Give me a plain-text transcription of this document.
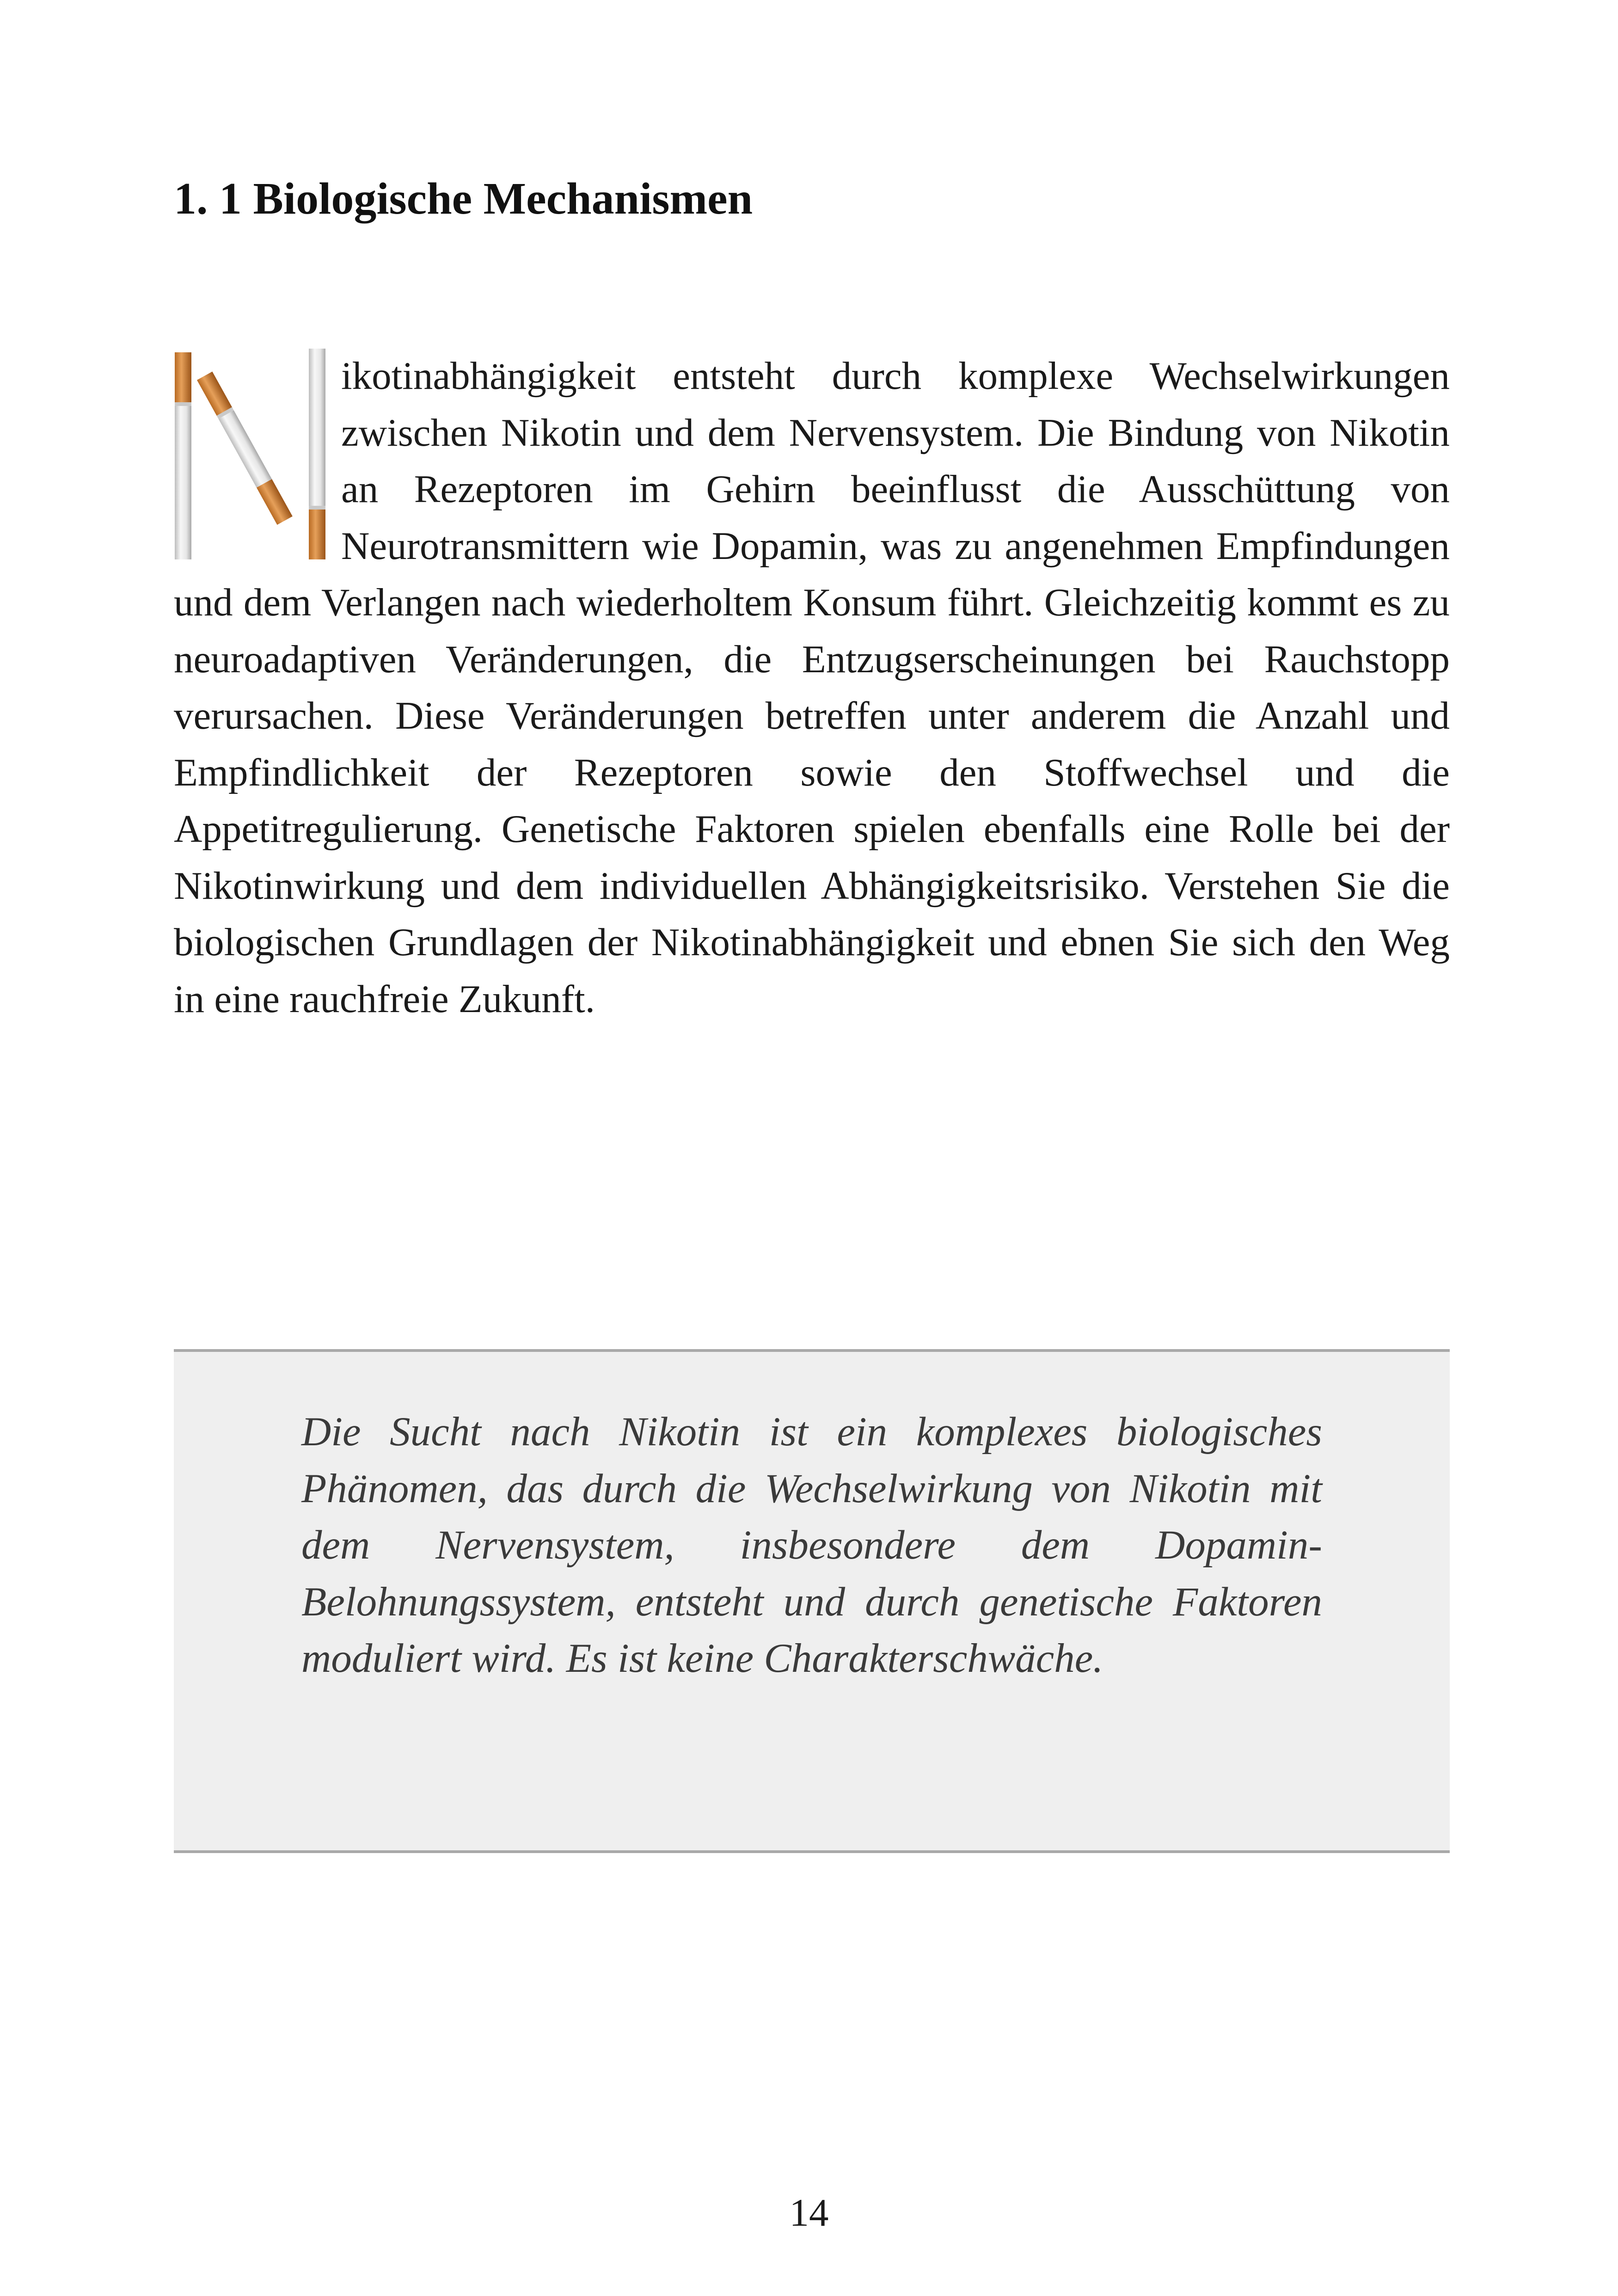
1. 1 Biologische Mechanismen
ikotinabhängigkeit entsteht durch komplexe Wechselwirkungen zwischen Nikotin und dem Nervensystem. Die Bindung von Nikotin an Rezeptoren im Gehirn beeinflusst die Ausschüttung von Neurotransmittern wie Dopamin, was zu angenehmen Empfindungen und dem Verlangen nach wiederholtem Konsum führt. Gleichzeitig kommt es zu neuroadaptiven Veränderungen, die Entzugserscheinungen bei Rauchstopp verursachen. Diese Veränderungen betreffen unter anderem die Anzahl und Empfindlichkeit der Rezeptoren sowie den Stoffwechsel und die Appetitregulierung. Genetische Faktoren spielen ebenfalls eine Rolle bei der Nikotinwirkung und dem individuellen Abhängigkeitsrisiko. Verstehen Sie die biologischen Grundlagen der Nikotinabhängigkeit und ebnen Sie sich den Weg in eine rauchfreie Zukunft.

Die Sucht nach Nikotin ist ein komplexes biologisches Phänomen, das durch die Wechselwirkung von Nikotin mit dem Nervensystem, insbesondere dem Dopamin-Belohnungssystem, entsteht und durch genetische Faktoren moduliert wird. Es ist keine Charakterschwäche.

14
